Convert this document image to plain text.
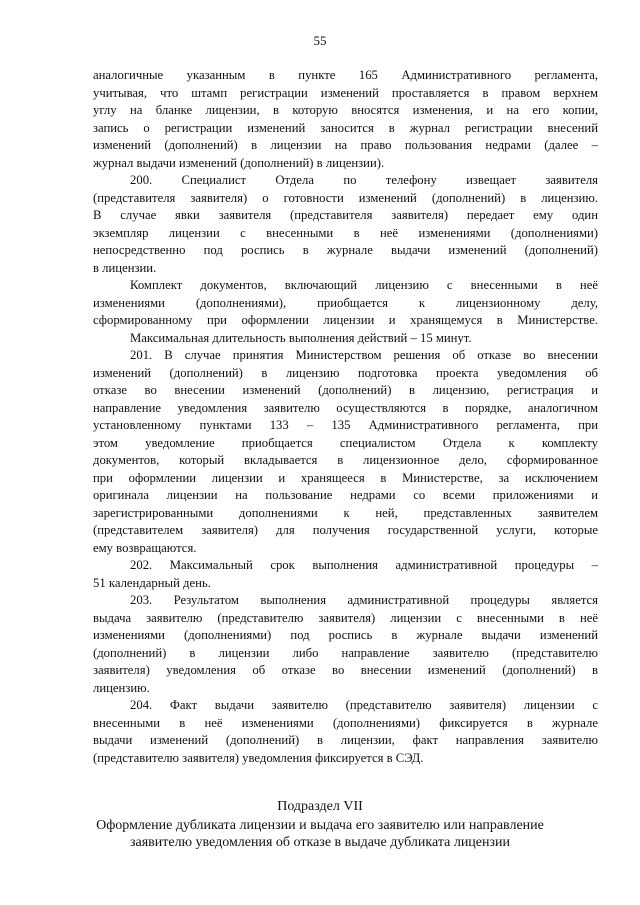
55
аналогичные указанным в пункте 165 Административного регламента,
учитывая, что штамп регистрации изменений проставляется в правом верхнем
углу на бланке лицензии, в которую вносятся изменения, и на его копии,
запись о регистрации изменений заносится в журнал регистрации внесений
изменений (дополнений) в лицензии на право пользования недрами (далее –
журнал выдачи изменений (дополнений) в лицензии).
200. Специалист Отдела по телефону извещает заявителя
(представителя заявителя) о готовности изменений (дополнений) в лицензию.
В случае явки заявителя (представителя заявителя) передает ему один
экземпляр лицензии с внесенными в неё изменениями (дополнениями)
непосредственно под роспись в журнале выдачи изменений (дополнений)
в лицензии.
Комплект документов, включающий лицензию с внесенными в неё
изменениями (дополнениями), приобщается к лицензионному делу,
сформированному при оформлении лицензии и хранящемуся в Министерстве.
Максимальная длительность выполнения действий – 15 минут.
201. В случае принятия Министерством решения об отказе во внесении
изменений (дополнений) в лицензию подготовка проекта уведомления об
отказе во внесении изменений (дополнений) в лицензию, регистрация и
направление уведомления заявителю осуществляются в порядке, аналогичном
установленному пунктами 133 – 135 Административного регламента, при
этом уведомление приобщается специалистом Отдела к комплекту
документов, который вкладывается в лицензионное дело, сформированное
при оформлении лицензии и хранящееся в Министерстве, за исключением
оригинала лицензии на пользование недрами со всеми приложениями и
зарегистрированными дополнениями к ней, представленных заявителем
(представителем заявителя) для получения государственной услуги, которые
ему возвращаются.
202. Максимальный срок выполнения административной процедуры –
51 календарный день.
203. Результатом выполнения административной процедуры является
выдача заявителю (представителю заявителя) лицензии с внесенными в неё
изменениями (дополнениями) под роспись в журнале выдачи изменений
(дополнений) в лицензии либо направление заявителю (представителю
заявителя) уведомления об отказе во внесении изменений (дополнений) в
лицензию.
204. Факт выдачи заявителю (представителю заявителя) лицензии с
внесенными в неё изменениями (дополнениями) фиксируется в журнале
выдачи изменений (дополнений) в лицензии, факт направления заявителю
(представителю заявителя) уведомления фиксируется в СЭД.
Подраздел VII
Оформление дубликата лицензии и выдача его заявителю или направление
заявителю уведомления об отказе в выдаче дубликата лицензии
